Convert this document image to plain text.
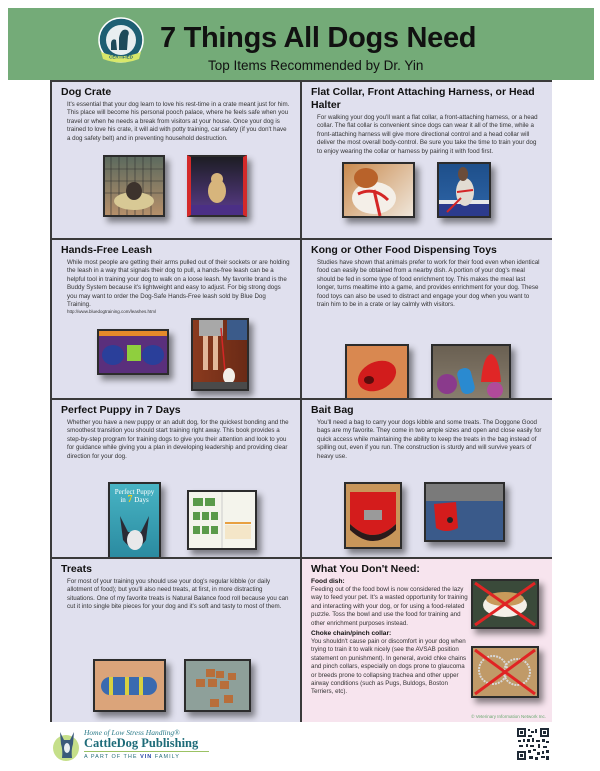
CERTIFIED
7 Things All Dogs Need
Top Items Recommended by Dr. Yin
Dog Crate

It's essential that your dog learn to love his rest-time in a crate meant just for him. This place will become his personal pooch palace, where he feels safe when you travel or when he needs a break from visitors at your house. Once your dog is trained to love his crate, it will aid with potty training, car safety (if you don't have a dog safety belt) and in preventing household destruction.

Flat Collar, Front Attaching Harness, or Head Halter

For walking your dog you'll want a flat collar, a front-attaching harness, or a head collar. The flat collar is convenient since dogs can wear it all of the time, while a front-attaching harness will give more directional control and a head collar will deliver the most overall body-control. Be sure you take the time to train your dog to enjoy wearing the collar or harness by pairing it with food first.

Hands-Free Leash

While most people are getting their arms pulled out of their sockets or are holding the leash in a way that signals their dog to pull, a hands-free leash can be a helpful tool in training your dog to walk on a loose leash. My favorite brand is the Buddy System because it's lightweight and easy to adjust. For big strong dogs you may want to order the Dog-Safe Hands-Free leash sold by Blue Dog Training.

http://www.bluedogtraining.com/leashes.html

Kong or Other Food Dispensing Toys

Studies have shown that animals prefer to work for their food even when identical food can easily be obtained from a nearby dish. A portion of your dog's meal should be fed in some type of food enrichment toy. This makes the meal last longer, turns mealtime into a game, and provides enrichment for your dog. These food toys can also be used to distract and engage your dog when you want to train him to be in a crate or lay calmly with visitors.

Perfect Puppy in 7 Days

Whether you have a new puppy or an adult dog, for the quickest bonding and the smoothest transition you should start training right away. This book provides a step-by-step program for training dogs to give you their attention and look to you for guidance while giving you a plan in developing leadership and providing clear direction for your dog.

Perfect Puppy
in 7 Days
Bait Bag

You'll need a bag to carry your dogs kibble and some treats. The Doggone Good bags are my favorite. They come in two ample sizes and open and close easily for quick access while maintaining the ability to keep the treats in the bag instead of spilling out, even if you run. The construction is sturdy and will survive years of heavy use.

Treats

For most of your training you should use your dog's regular kibble (or daily allotment of food); but you'll also need treats, at first, in more distracting situations. One of my favorite treats is Natural Balance food roll because you can cut it into single bite pieces for your dog and it's soft and tasty to most of them.

What You Don't Need:
Food dish:

Feeding out of the food bowl is now considered the lazy way to feed your pet. It's a wasted opportunity for training and interacting with your dog, or for using a food-related puzzle. Toss the bowl and use the food for training and other enrichment purposes instead.

Choke chain/pinch collar:

You shouldn't cause pain or discomfort in your dog when trying to train it to walk nicely (see the AVSAB position statement on punishment). In general, avoid chke chains and pinch collars, especially on dogs prone to glaucoma or breeds prone to collapsing trachea and other upper airway conditions (such as Pugs, Buldogs, Boston Terriers, etc).

© Veterinary Information Network Inc.
Home of Low Stress Handling®
CattleDog Publishing
A PART OF THE VIN FAMILY
